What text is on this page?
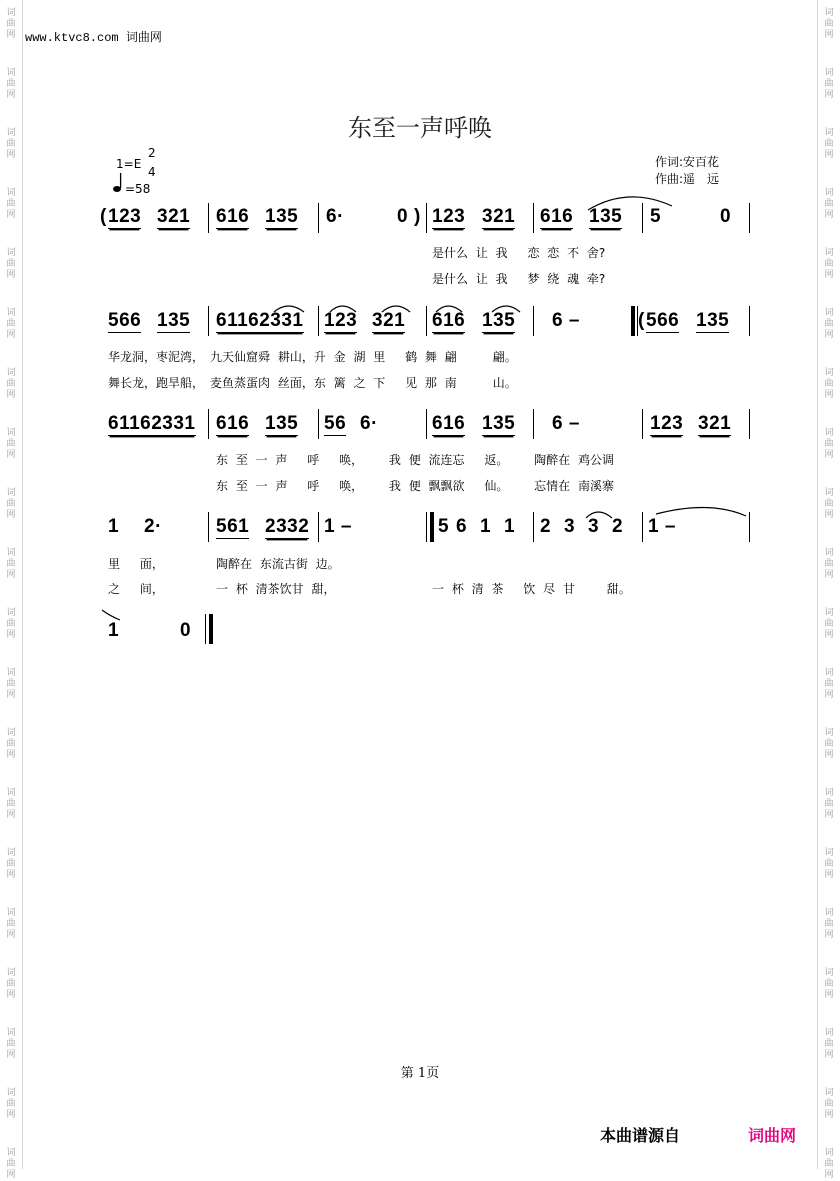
词
曲
网
词
曲
网
词
曲
网
词
曲
网
词
曲
网
词
曲
网
词
曲
网
词
曲
网
词
曲
网
词
曲
网
词
曲
网
词
曲
网
词
曲
网
词
曲
网
词
曲
网
词
曲
网
词
曲
网
词
曲
网
词
曲
网
词
曲
网
词
曲
网
词
曲
网
词
曲
网
词
曲
网
词
曲
网
词
曲
网
词
曲
网
词
曲
网
词
曲
网
词
曲
网
词
曲
网
词
曲
网
词
曲
网
词
曲
网
词
曲
网
词
曲
网
词
曲
网
词
曲
网
词
曲
网
词
曲
网
www.ktvc8.com 词曲网
东至一声呼唤
1=E
2
4
=58
作词:安百花
作曲:遥　远
( 123 321 616 135 6·	0 ) 123 321 616 135 5	0
是什么 让 我　 恋 恋 不 舍?
是什么 让 我　 梦 绕 魂 牵?
566 135 61162331 123 321 616 135 6 –	( 566 135
华龙洞，枣泥湾，　九天仙窟舜 耕山，升 金 湖 里　 鹤 舞 翩　　　翩。
舞长龙，跑旱船，　麦鱼蒸蛋肉 丝面，东 篱 之 下　 见 那 南　　　山。
61162331 616 135 56 6·	616 135 6 –	123 321
东 至 一 声　 呼　 唤，　　 我 便 流连忘　 返。　　 陶醉在 鸡公调
东 至 一 声　 呼　 唤，　　 我 便 飘飘欲　 仙。　　 忘情在 南溪寨
1 2·	561 2332 1 –	5 6 1 1 2 3 3 2 1 –
里　 面，	陶醉在 东流古街 边。
之　 间，	一 杯 清茶饮甘 甜，	一 杯 清 茶　 饮 尽 甘　　 甜。
1	0
第 1页
本曲谱源自	词曲网
